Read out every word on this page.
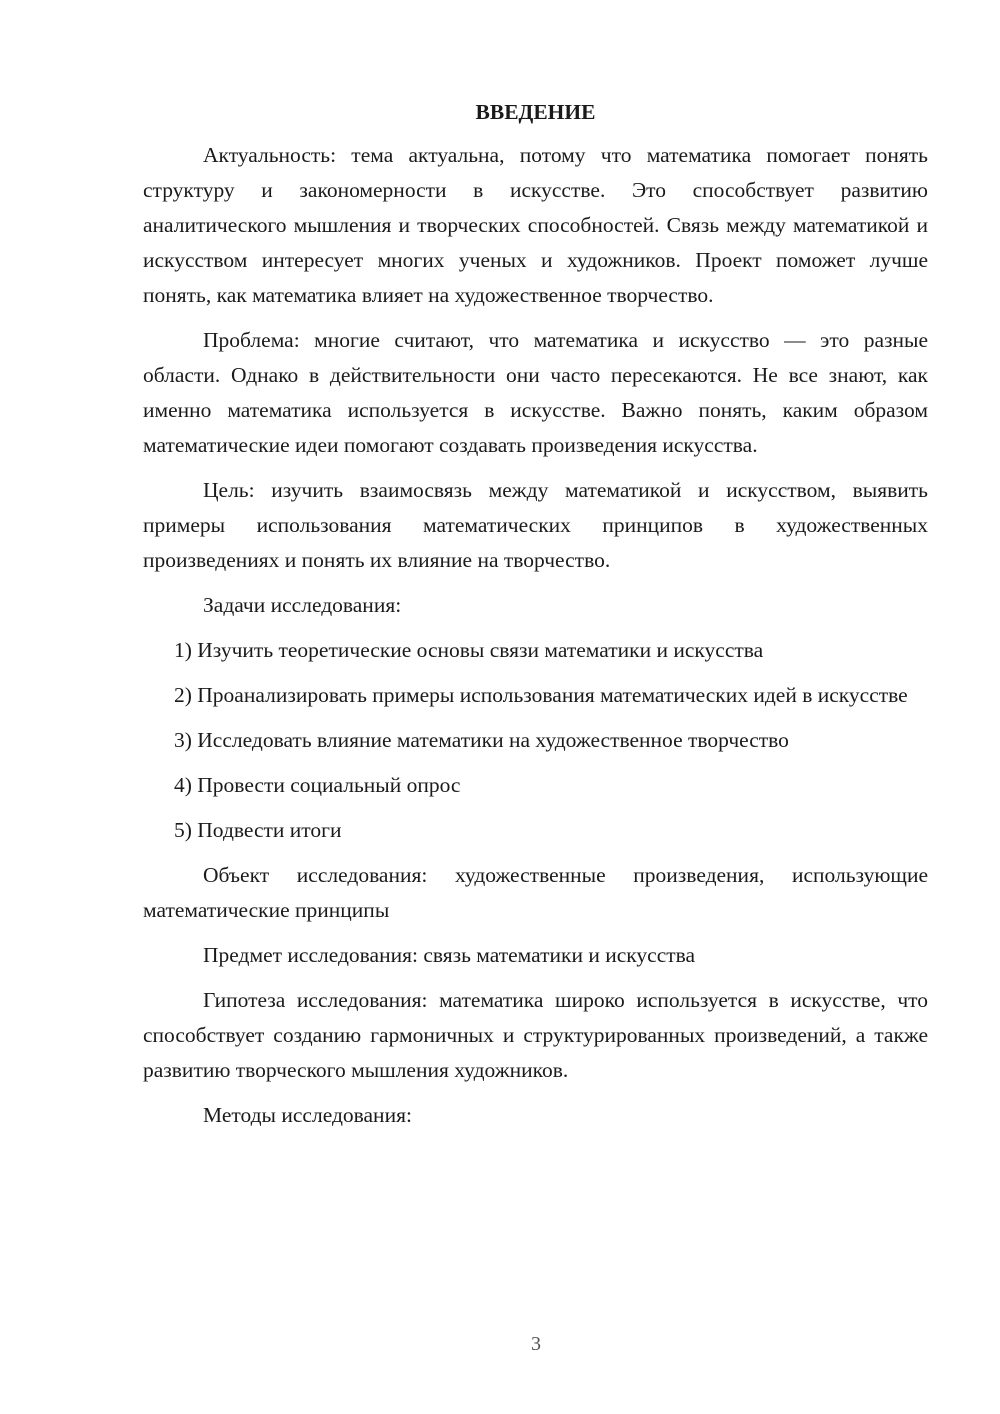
ВВЕДЕНИЕ

Актуальность: тема актуальна, потому что математика помогает понять структуру и закономерности в искусстве. Это способствует развитию аналитического мышления и творческих способностей. Связь между математикой и искусством интересует многих ученых и художников. Проект поможет лучше понять, как математика влияет на художественное творчество.

Проблема: многие считают, что математика и искусство — это разные области. Однако в действительности они часто пересекаются. Не все знают, как именно математика используется в искусстве. Важно понять, каким образом математические идеи помогают создавать произведения искусства.

Цель: изучить взаимосвязь между математикой и искусством, выявить примеры использования математических принципов в художественных произведениях и понять их влияние на творчество.

Задачи исследования:

1) Изучить теоретические основы связи математики и искусства

2) Проанализировать примеры использования математических идей в искусстве

3) Исследовать влияние математики на художественное творчество

4) Провести социальный опрос

5) Подвести итоги

Объект исследования: художественные произведения, использующие математические принципы

Предмет исследования: связь математики и искусства

Гипотеза исследования: математика широко используется в искусстве, что способствует созданию гармоничных и структурированных произведений, а также развитию творческого мышления художников.

Методы исследования:

3
